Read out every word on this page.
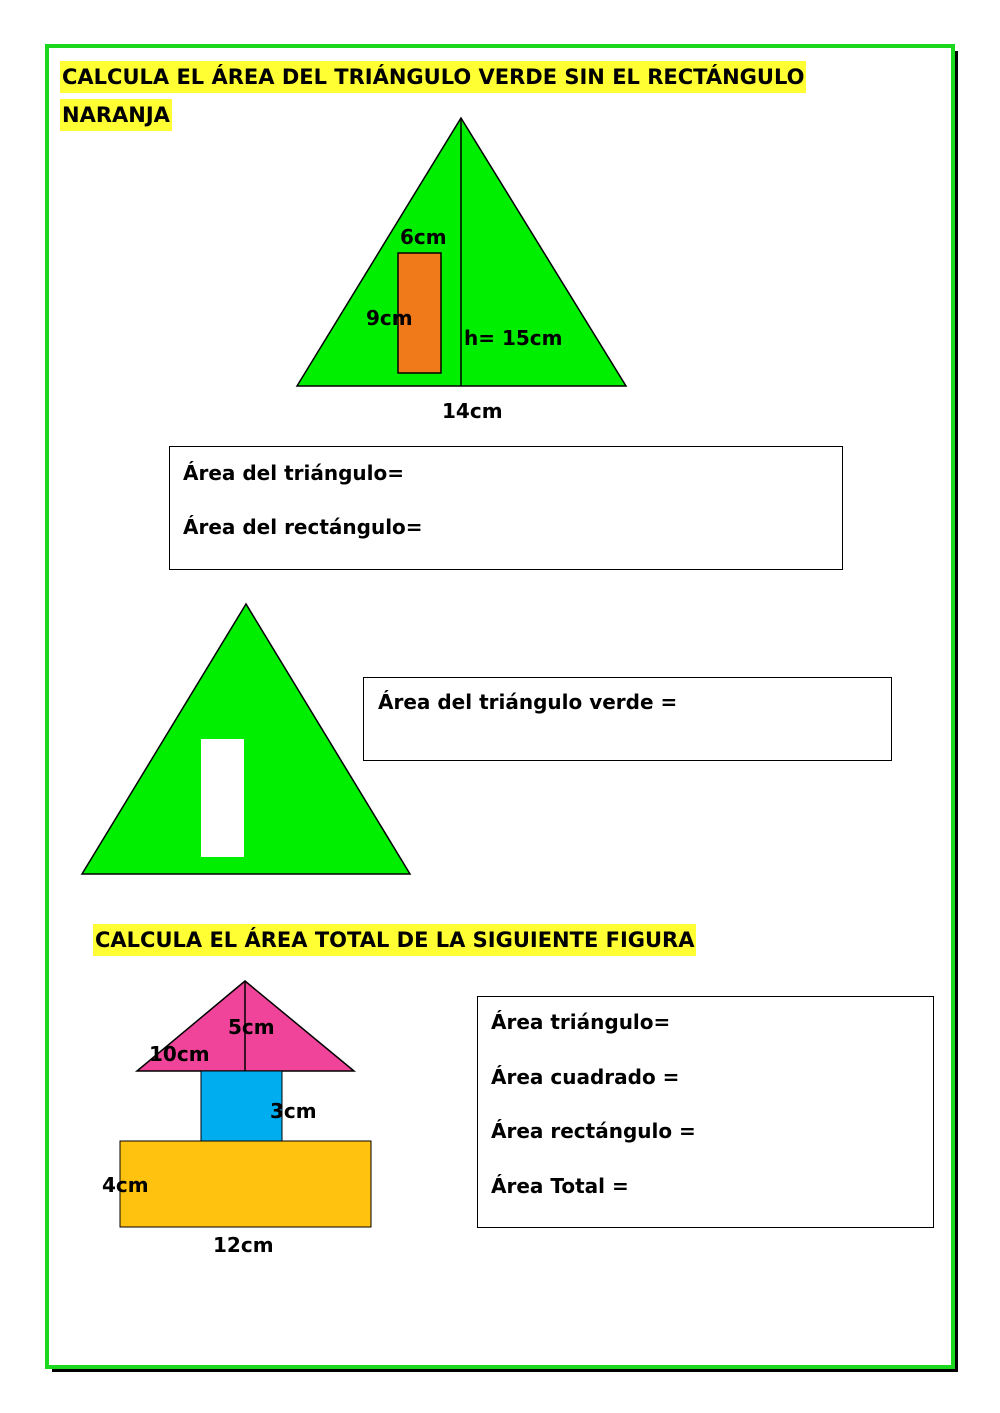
CALCULA EL ÁREA DEL TRIÁNGULO VERDE SIN EL RECTÁNGULO
NARANJA
6cm
9cm
h= 15cm
14cm
Área del triángulo=
Área del rectángulo=
Área del triángulo verde =
CALCULA EL ÁREA TOTAL DE LA SIGUIENTE FIGURA
5cm
10cm
3cm
4cm
12cm
Área triángulo=
Área cuadrado =
Área rectángulo =
Área Total =
